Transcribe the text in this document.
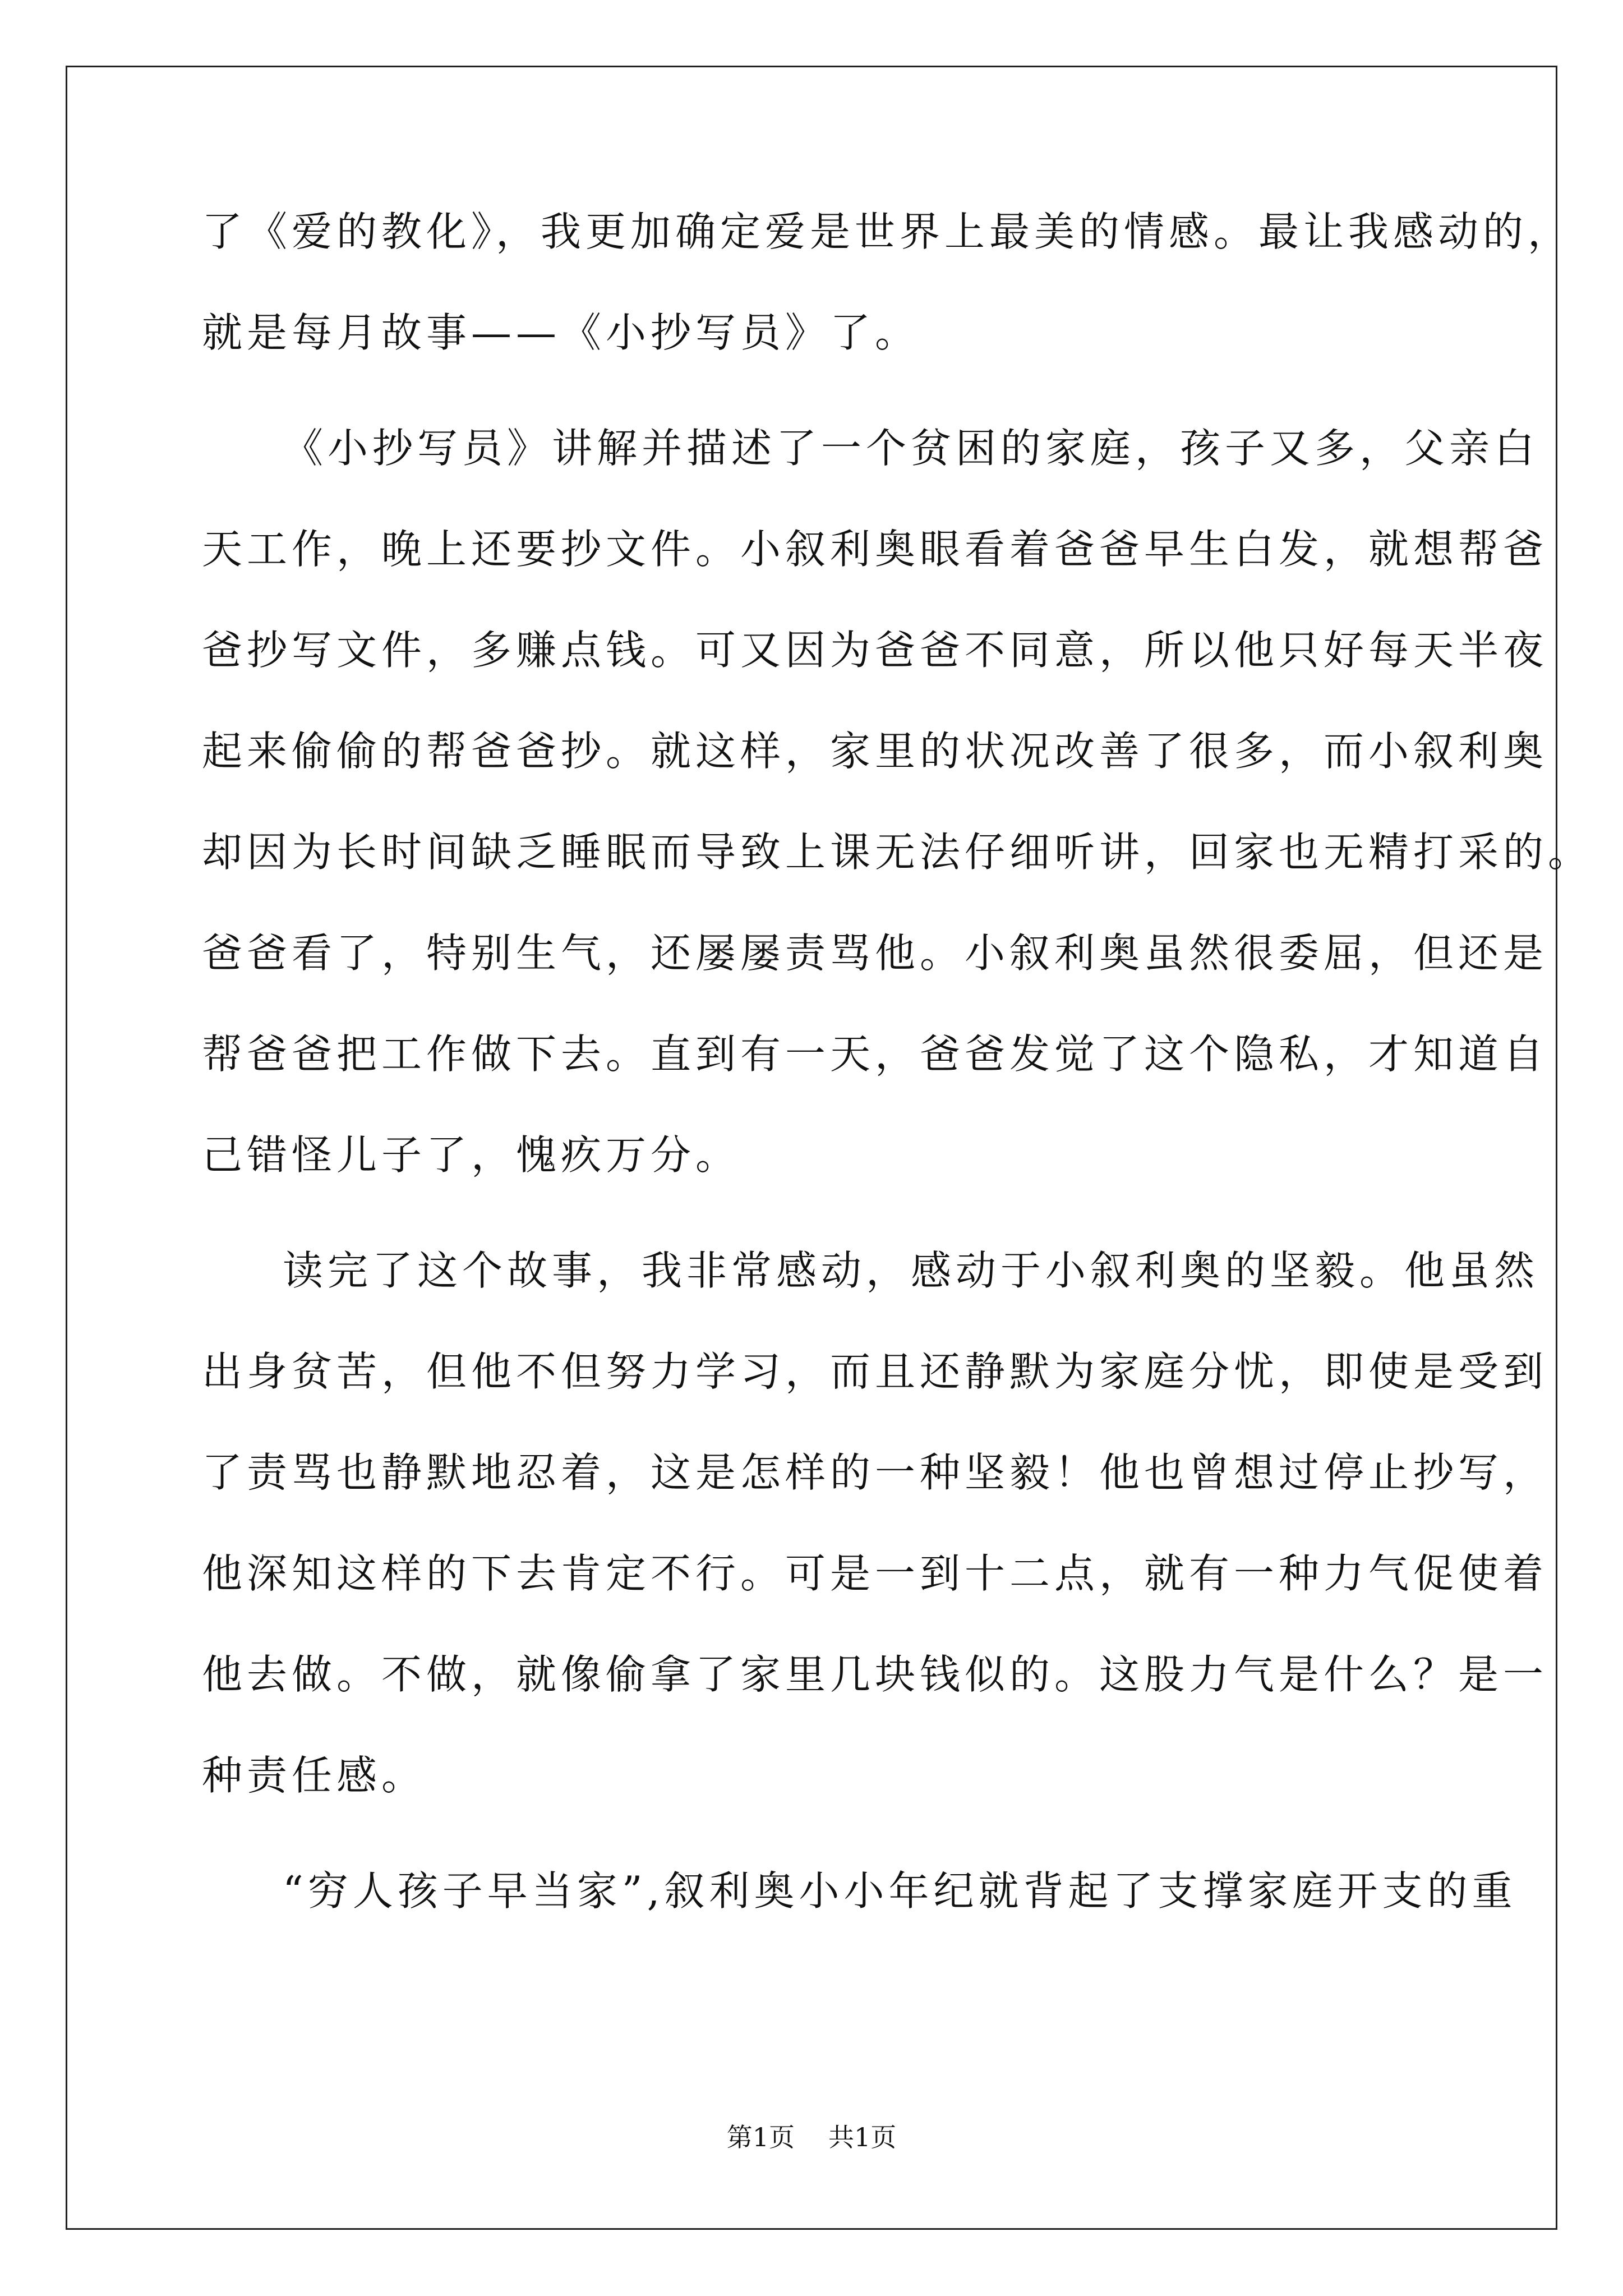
了《爱的教化》，我更加确定爱是世界上最美的情感。最让我感动的，
就是每月故事——《小抄写员》了。
《小抄写员》讲解并描述了一个贫困的家庭，孩子又多，父亲白
天工作，晚上还要抄文件。小叙利奥眼看着爸爸早生白发，就想帮爸
爸抄写文件，多赚点钱。可又因为爸爸不同意，所以他只好每天半夜
起来偷偷的帮爸爸抄。就这样，家里的状况改善了很多，而小叙利奥
却因为长时间缺乏睡眠而导致上课无法仔细听讲，回家也无精打采的。
爸爸看了，特别生气，还屡屡责骂他。小叙利奥虽然很委屈，但还是
帮爸爸把工作做下去。直到有一天，爸爸发觉了这个隐私，才知道自
己错怪儿子了，愧疚万分。
读完了这个故事，我非常感动，感动于小叙利奥的坚毅。他虽然
出身贫苦，但他不但努力学习，而且还静默为家庭分忧，即使是受到
了责骂也静默地忍着，这是怎样的一种坚毅！他也曾想过停止抄写，
他深知这样的下去肯定不行。可是一到十二点，就有一种力气促使着
他去做。不做，就像偷拿了家里几块钱似的。这股力气是什么？是一
种责任感。
“穷人孩子早当家”,叙利奥小小年纪就背起了支撑家庭开支的重
第1页 共1页
